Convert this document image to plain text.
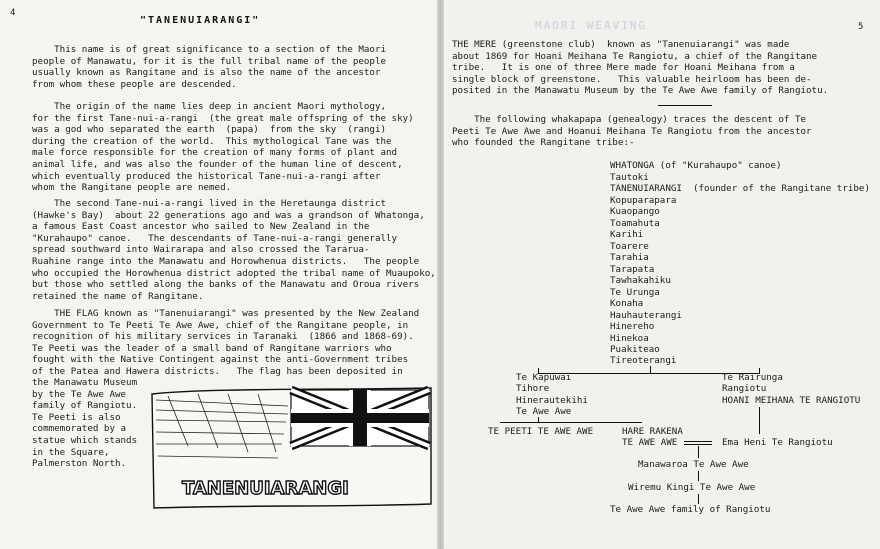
4
"TANENUIARANGI"
This name is of great significance to a section of the Maori
people of Manawatu, for it is the full tribal name of the people
usually known as Rangitane and is also the name of the ancestor
from whom these people are descended.
The origin of the name lies deep in ancient Maori mythology,
for the first Tane-nui-a-rangi  (the great male offspring of the sky)
was a god who separated the earth  (papa)  from the sky  (rangi)
during the creation of the world.  This mythological Tane was the
male force responsible for the creation of many forms of plant and
animal life, and was also the founder of the human line of descent,
which eventually produced the historical Tane-nui-a-rangi after
whom the Rangitane people are nemed.
The second Tane-nui-a-rangi lived in the Heretaunga district
(Hawke's Bay)  about 22 generations ago and was a grandson of Whatonga,
a famous East Coast ancestor who sailed to New Zealand in the
"Kurahaupo" canoe.   The descendants of Tane-nui-a-rangi generally
spread southward into Wairarapa and also crossed the Tararua-
Ruahine range into the Manawatu and Horowhenua districts.   The people
who occupied the Horowhenua district adopted the tribal name of Muaupoko,
but those who settled along the banks of the Manawatu and Oroua rivers
retained the name of Rangitane.
THE FLAG known as "Tanenuiarangi" was presented by the New Zealand
Government to Te Peeti Te Awe Awe, chief of the Rangitane people, in
recognition of his military services in Taranaki  (1866 and 1868-69).
Te Peeti was the leader of a small band of Rangitane warriors who
fought with the Native Contingent against the anti-Government tribes
of the Patea and Hawera districts.   The flag has been deposited in
the Manawatu Museum
by the Te Awe Awe
family of Rangiotu.
Te Peeti is also
commemorated by a
statue which stands
in the Square,
Palmerston North.
TANENUIARANGI
5
MAORI WEAVING
THE MERE (greenstone club)  known as "Tanenuiarangi" was made
about 1869 for Hoani Meihana Te Rangiotu, a chief of the Rangitane
tribe.   It is one of three Mere made for Hoani Meihana from a
single block of greenstone.   This valuable heirloom has been de-
posited in the Manawatu Museum by the Te Awe Awe family of Rangiotu.
The following whakapapa (genealogy) traces the descent of Te
Peeti Te Awe Awe and Hoanui Meihana Te Rangiotu from the ancestor
who founded the Rangitane tribe:-
WHATONGA (of "Kurahaupo" canoe)
Tautoki
TANENUIARANGI  (founder of the Rangitane tribe)
Kopuparapara
Kuaopango
Toamahuta
Karihi
Toarere
Tarahia
Tarapata
Tawhakahiku
Te Urunga
Konaha
Hauhauterangi
Hinereho
Hinekoa
Puakiteao
Tireoterangi
Te Kapuwai
Tihore
Hinerautekihi
Te Awe Awe
Te Rairunga
Rangiotu
HOANI MEIHANA TE RANGIOTU
TE PEETI TE AWE AWE	HARE RAKENA
TE AWE AWE	Ema Heni Te Rangiotu
Manawaroa Te Awe Awe
Wiremu Kingi Te Awe Awe
Te Awe Awe family of Rangiotu
